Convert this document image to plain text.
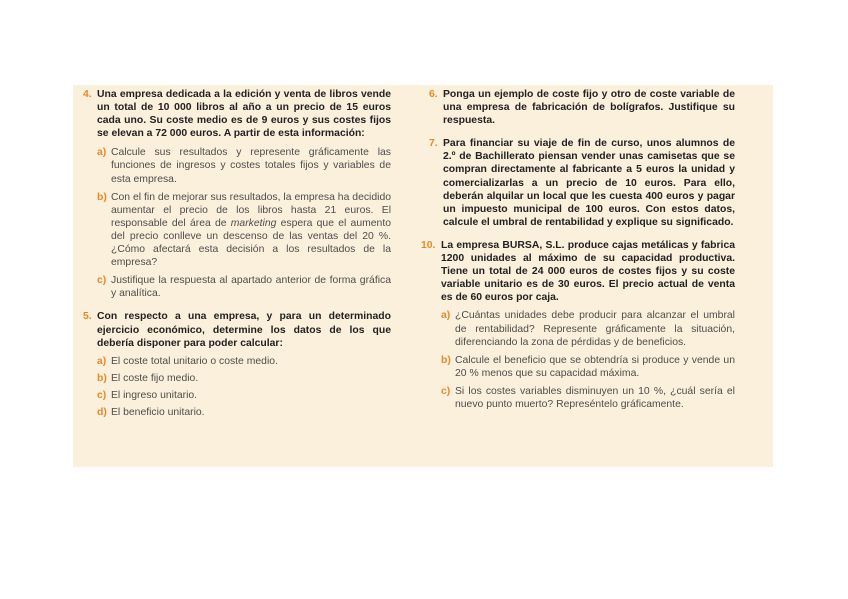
4. Una empresa dedicada a la edición y venta de libros vende un total de 10 000 libros al año a un precio de 15 euros cada uno. Su coste medio es de 9 euros y sus costes fijos se elevan a 72 000 euros. A partir de esta información:
a) Calcule sus resultados y represente gráficamente las funciones de ingresos y costes totales fijos y variables de esta empresa.
b) Con el fin de mejorar sus resultados, la empresa ha decidido aumentar el precio de los libros hasta 21 euros. El responsable del área de marketing espera que el aumento del precio conlleve un descenso de las ventas del 20 %. ¿Cómo afectará esta decisión a los resultados de la empresa?
c) Justifique la respuesta al apartado anterior de forma gráfica y analítica.
5. Con respecto a una empresa, y para un determinado ejercicio económico, determine los datos de los que debería disponer para poder calcular:
a) El coste total unitario o coste medio.
b) El coste fijo medio.
c) El ingreso unitario.
d) El beneficio unitario.
6. Ponga un ejemplo de coste fijo y otro de coste variable de una empresa de fabricación de bolígrafos. Justifique su respuesta.
7. Para financiar su viaje de fin de curso, unos alumnos de 2.º de Bachillerato piensan vender unas camisetas que se compran directamente al fabricante a 5 euros la unidad y comercializarlas a un precio de 10 euros. Para ello, deberán alquilar un local que les cuesta 400 euros y pagar un impuesto municipal de 100 euros. Con estos datos, calcule el umbral de rentabilidad y explique su significado.
10. La empresa BURSA, S.L. produce cajas metálicas y fabrica 1200 unidades al máximo de su capacidad productiva. Tiene un total de 24 000 euros de costes fijos y su coste variable unitario es de 30 euros. El precio actual de venta es de 60 euros por caja.
a) ¿Cuántas unidades debe producir para alcanzar el umbral de rentabilidad? Represente gráficamente la situación, diferenciando la zona de pérdidas y de beneficios.
b) Calcule el beneficio que se obtendría si produce y vende un 20 % menos que su capacidad máxima.
c) Si los costes variables disminuyen un 10 %, ¿cuál sería el nuevo punto muerto? Represéntelo gráficamente.
